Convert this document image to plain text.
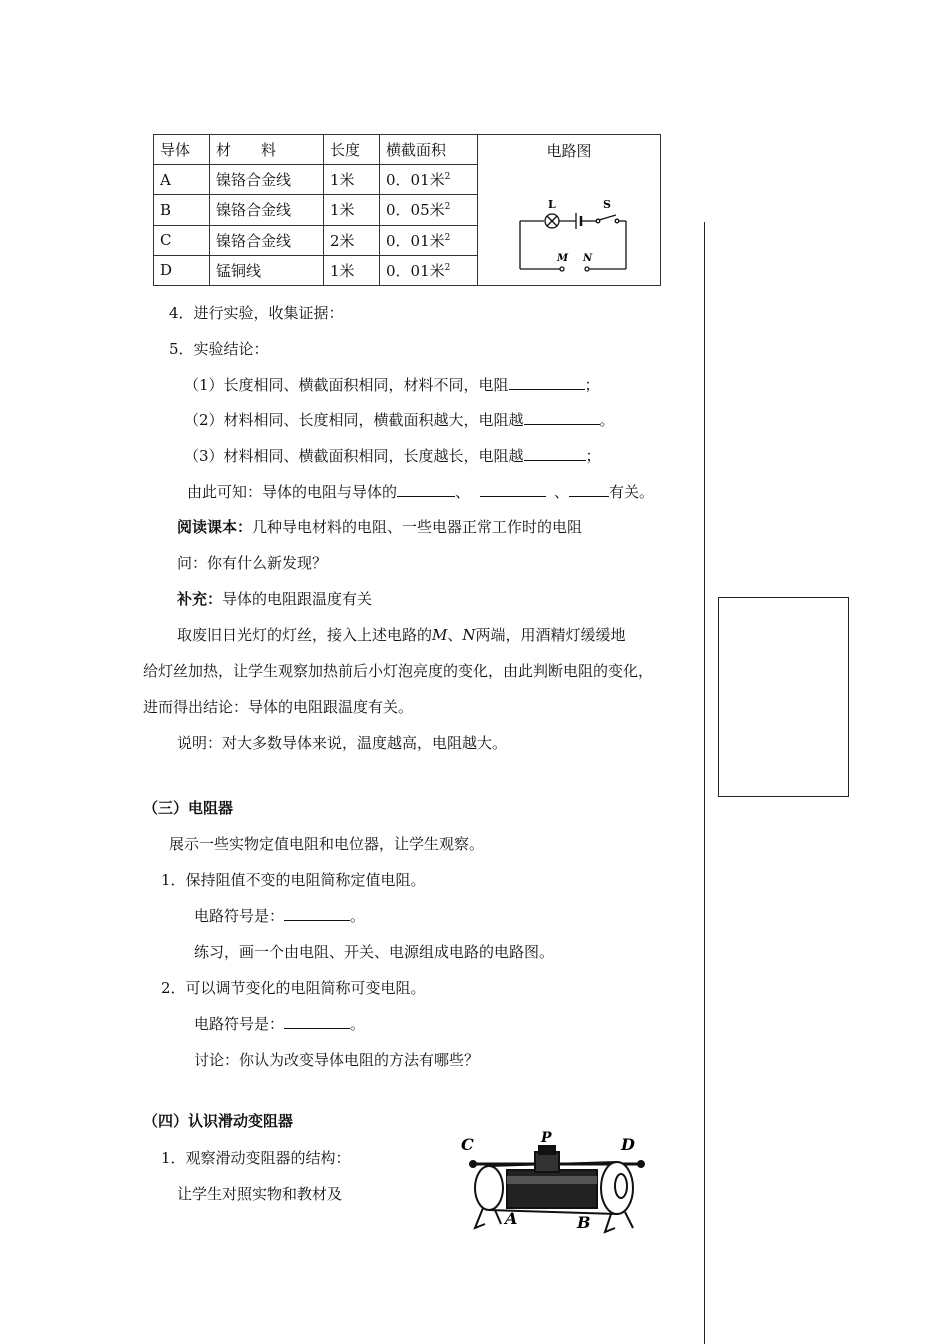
导体	材　　料	长度	横截面积	电路图
L S
M N

A	镍铬合金线	1米	0．01米$^2$
B	镍铬合金线	1米	0．05米$^2$
C	镍铬合金线	2米	0．01米$^2$
D	锰铜线	1米	0．01米$^2$
4．进行实验，收集证据：
5．实验结论：
（1）长度相同、横截面积相同，材料不同，电阻	；
（2）材料相同、长度相同，横截面积越大，电阻越	。
（3）材料相同、横截面积相同，长度越长，电阻越	；
由此可知：导体的电阻与导体的	、	、	有关。
阅读课本：几种导电材料的电阻、一些电器正常工作时的电阻
问：你有什么新发现？
补充：导体的电阻跟温度有关
取废旧日光灯的灯丝，接入上述电路的M、N两端，用酒精灯缓缓地
给灯丝加热，让学生观察加热前后小灯泡亮度的变化，由此判断电阻的变化，
进而得出结论：导体的电阻跟温度有关。
说明：对大多数导体来说，温度越高，电阻越大。
（三）电阻器
展示一些实物定值电阻和电位器，让学生观察。
1．保持阻值不变的电阻简称定值电阻。
电路符号是：	。
练习，画一个由电阻、开关、电源组成电路的电路图。
2．可以调节变化的电阻简称可变电阻。
电路符号是：	。
讨论：你认为改变导体电阻的方法有哪些？
（四）认识滑动变阻器
1．观察滑动变阻器的结构：
让学生对照实物和教材及
C	P	D
A	B
